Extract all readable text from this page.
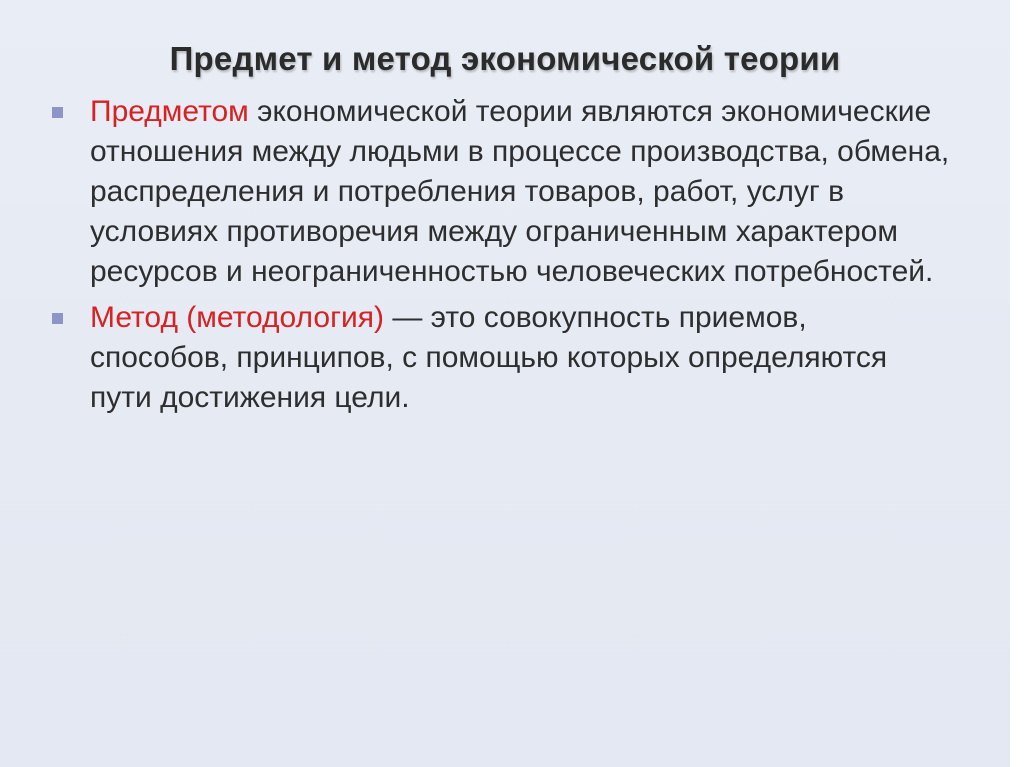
Предмет и метод экономической теории
Предметом экономической теории являются экономические отношения между людьми в процессе производства, обмена, распределения и потребления товаров, работ, услуг в условиях противоречия между ограниченным характером ресурсов и неограниченностью человеческих потребностей.
Метод (методология) — это совокупность приемов, способов, принципов, с помощью которых определяются пути достижения цели.
